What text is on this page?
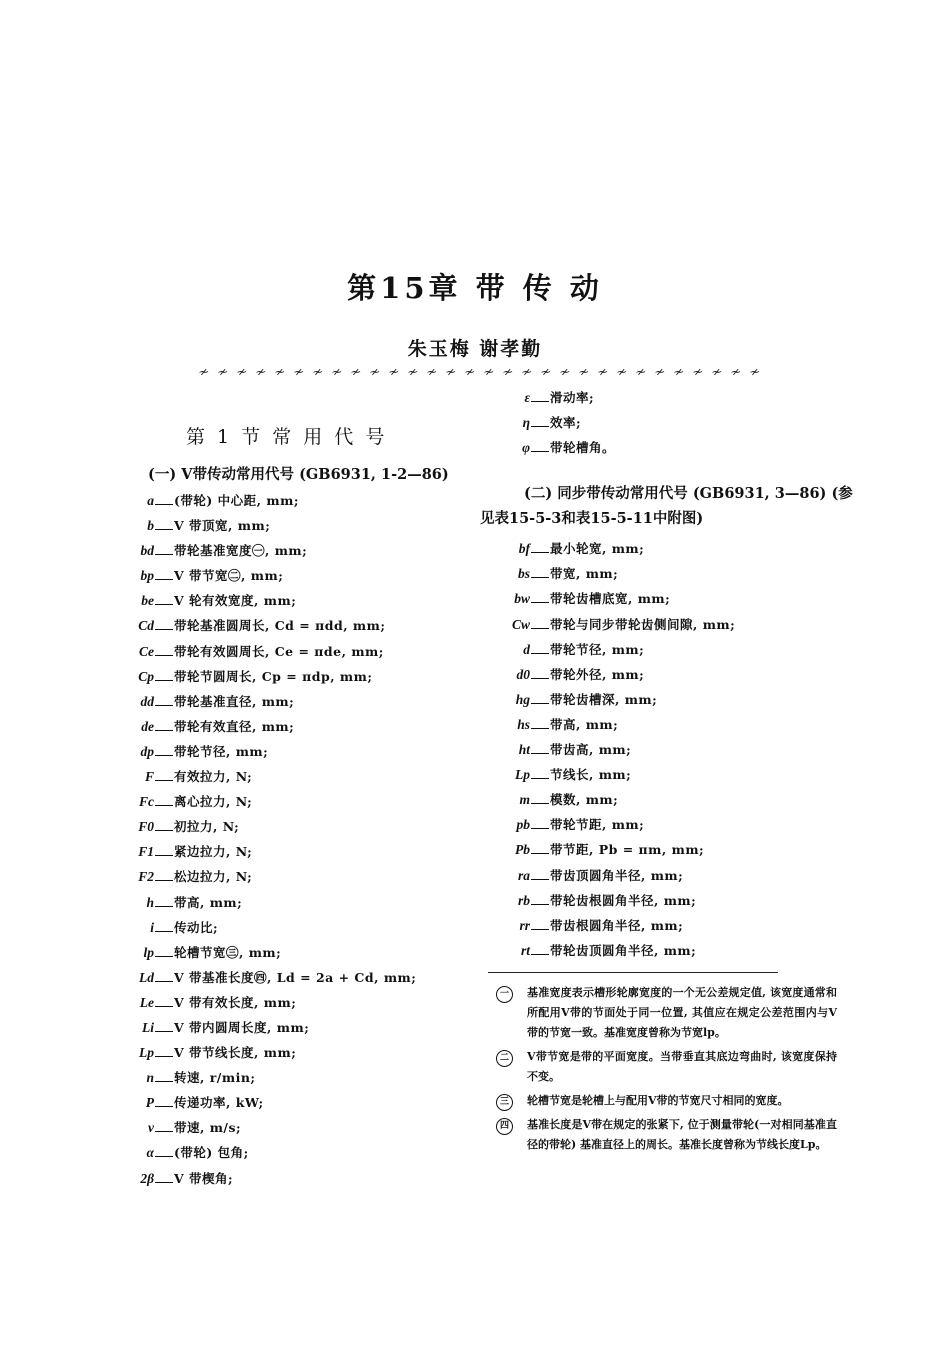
第15章 带 传 动
朱玉梅 谢孝勤
≁ ≁ ≁ ≁ ≁ ≁ ≁ ≁ ≁ ≁ ≁ ≁ ≁ ≁ ≁ ≁ ≁ ≁ ≁ ≁ ≁ ≁ ≁ ≁ ≁ ≁ ≁ ≁ ≁ ≁
第 1 节 常 用 代 号
(一) V带传动常用代号 (GB6931, 1-2—86)
a (带轮) 中心距, mm;
b V 带顶宽, mm;
bd 带轮基准宽度㊀, mm;
bp V 带节宽㊁, mm;
be V 轮有效宽度, mm;
Cd 带轮基准圆周长, Cd = πdd, mm;
Ce 带轮有效圆周长, Ce = πde, mm;
Cp 带轮节圆周长, Cp = πdp, mm;
dd 带轮基准直径, mm;
de 带轮有效直径, mm;
dp 带轮节径, mm;
F 有效拉力, N;
Fc 离心拉力, N;
F0 初拉力, N;
F1 紧边拉力, N;
F2 松边拉力, N;
h 带高, mm;
i 传动比;
lp 轮槽节宽㊂, mm;
Ld V 带基准长度㊃, Ld = 2a + Cd, mm;
Le V 带有效长度, mm;
Li V 带内圆周长度, mm;
Lp V 带节线长度, mm;
n 转速, r/min;
P 传递功率, kW;
v 带速, m/s;
α (带轮) 包角;
2β V 带楔角;
ε 滑动率;
η 效率;
φ 带轮槽角。
(二) 同步带传动常用代号 (GB6931, 3—86) (参见表15-5-3和表15-5-11中附图)
bf 最小轮宽, mm;
bs 带宽, mm;
bw 带轮齿槽底宽, mm;
Cw 带轮与同步带轮齿侧间隙, mm;
d 带轮节径, mm;
d0 带轮外径, mm;
hg 带轮齿槽深, mm;
hs 带高, mm;
ht 带齿高, mm;
Lp 节线长, mm;
m 模数, mm;
pb 带轮节距, mm;
Pb 带节距, Pb = πm, mm;
ra 带齿顶圆角半径, mm;
rb 带轮齿根圆角半径, mm;
rr 带齿根圆角半径, mm;
rt 带轮齿顶圆角半径, mm;
一	基准宽度表示槽形轮廓宽度的一个无公差规定值, 该宽度通常和所配用V带的节面处于同一位置, 其值应在规定公差范围内与V带的节宽一致。基准宽度曾称为节宽lp。
二	V带节宽是带的平面宽度。当带垂直其底边弯曲时, 该宽度保持不变。
三	轮槽节宽是轮槽上与配用V带的节宽尺寸相同的宽度。
四	基准长度是V带在规定的张紧下, 位于测量带轮(一对相同基准直径的带轮) 基准直径上的周长。基准长度曾称为节线长度Lp。
